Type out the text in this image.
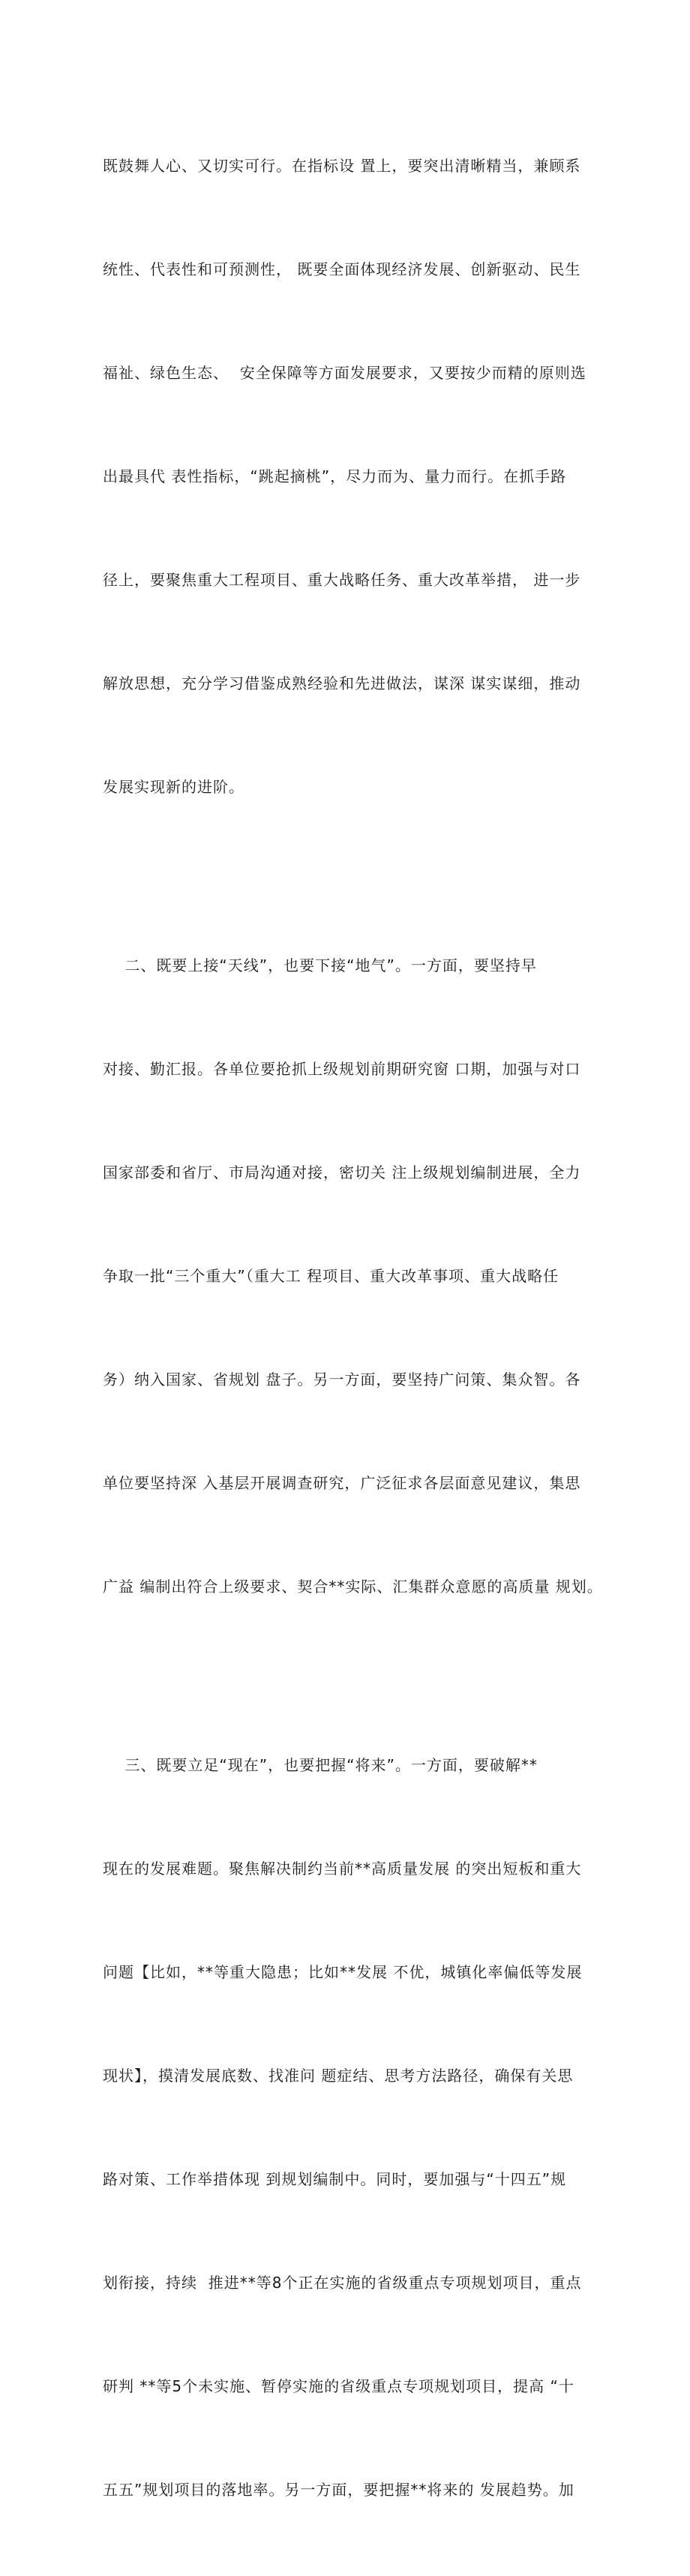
既鼓舞人心、又切实可行。在指标设 置上，要突出清晰精当，兼顾系

统性、代表性和可预测性， 既要全面体现经济发展、创新驱动、民生

福祉、绿色生态、  安全保障等方面发展要求，又要按少而精的原则选

出最具代 表性指标，“跳起摘桃”，尽力而为、量力而行。在抓手路

径上，要聚焦重大工程项目、重大战略任务、重大改革举措， 进一步

解放思想，充分学习借鉴成熟经验和先进做法，谋深 谋实谋细，推动

发展实现新的进阶。

二、既要上接“天线”，也要下接“地气”。一方面，要坚持早

对接、勤汇报。各单位要抢抓上级规划前期研究窗 口期，加强与对口

国家部委和省厅、市局沟通对接，密切关 注上级规划编制进展，全力

争取一批“三个重大”（重大工 程项目、重大改革事项、重大战略任

务）纳入国家、省规划 盘子。另一方面，要坚持广问策、集众智。各

单位要坚持深 入基层开展调查研究，广泛征求各层面意见建议，集思

广益 编制出符合上级要求、契合**实际、汇集群众意愿的高质量 规划。

三、既要立足“现在”，也要把握“将来”。一方面，要破解**

现在的发展难题。聚焦解决制约当前**高质量发展 的突出短板和重大

问题【比如，**等重大隐患；比如**发展 不优，城镇化率偏低等发展

现状】，摸清发展底数、找准问 题症结、思考方法路径，确保有关思

路对策、工作举措体现 到规划编制中。同时，要加强与“十四五”规

划衔接，持续  推进**等8个正在实施的省级重点专项规划项目，重点

研判 **等5个未实施、暂停实施的省级重点专项规划项目，提高 “十

五五”规划项目的落地率。另一方面，要把握**将来的 发展趋势。加
